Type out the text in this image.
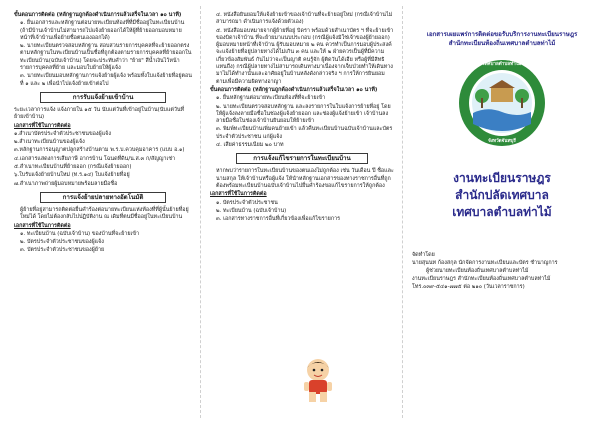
ขั้นตอนการติดต่อ (หลักฐานถูกต้องดำเนินการแล้วเสร็จในเวลา ๑๐ นาที)
๑. ยื่นเอกสารและหลักฐานต่อนายทะเบียนท้องที่ที่มีชื่ออยู่ในทะเบียนบ้าน (ถ้ามีบ้านเจ้าบ้านไม่สามารถไปแจ้งย้ายออกได้ให้ผู้ที่ย้ายออกมอบหมายหน้าที่เจ้าบ้านเพื่อย้ายชื่อตนเองออกได้)
๒. นายทะเบียนตรวจสอบหลักฐาน สอบสวนรายการบุคคลที่จะย้ายออกตรงตามหลักฐานในทะเบียนบ้านเป็นชื่อที่ถูกต้องตามรายการบุคคลที่ย้ายออกในทะเบียนบ้าน(ฉบับเจ้าบ้าน) โดยจะประทับคำว่า "ย้าย" สีน้ำเงินไว้หน้ารายการบุคคลที่ย้าย และมอบใบย้ายให้ผู้แจ้ง
๓. นายทะเบียนมอบหลักฐานการแจ้งย้ายผู้แจ้ง พร้อมทั้งใบแจ้งย้ายที่อยู่ตอนที่ ๑ และ ๒ เพื่อนำไปแจ้งย้ายเข้าต่อไป
การรับแจ้งย้ายเข้าบ้าน
ระยะเวลาการแจ้ง แจ้งภายใน ๑๕ วัน นับแต่วันที่เข้าอยู่ในบ้าน(นับแต่วันที่ย้ายเข้าบ้าน)
เอกสารที่ใช้ในการติดต่อ
๑.สำเนาบัตรประจำตัวประชาชนของผู้แจ้ง
๒.สำเนาทะเบียนบ้านของผู้แจ้ง
๓.หลักฐานการอนุญาตปลูกสร้างบ้านตาม พ.ร.บ.ควบคุมอาคาร (แบบ อ.๑)
๔.เอกสารแสดงการเสียภาษี อากรบ้าน โฉนดที่ดิน/น.ส.๓ ก/สัญญาเช่า
๕.สำเนาทะเบียนบ้านที่ย้ายออก (กรณีแจ้งย้ายออก)
๖.ใบรับแจ้งย้ายบ้านใหม่ (ท.ร.๑๔) ใบแจ้งย้ายที่อยู่
๗.สำเนาภาพถ่ายผู้มอบหมายพร้อมลายมือชื่อ
การแจ้งย้ายปลายทางอัตโนมัติ
ผู้ย้ายที่อยู่สามารถติดต่อยื่นคำร้องต่อนายทะเบียนแห่งท้องที่ที่ผู้นั้นย้ายที่อยู่ใหม่ได้ โดยไม่ต้องกลับไปปฏิบัติงาน ณ เดิมที่ตนมีชื่ออยู่ในทะเบียนบ้าน
เอกสารที่ใช้ในการติดต่อ
๑. ทะเบียนบ้าน (ฉบับเจ้าบ้าน) ของบ้านที่จะย้ายเข้า
๒. บัตรประจำตัวประชาชนของผู้แจ้ง
๓. บัตรประจำตัวประชาชนของผู้ย้าย
๔. หนังสือยินยอมให้แจ้งย้ายเข้าของเจ้าบ้านที่จะย้ายอยู่ใหม่ (กรณีเจ้าบ้านไม่สามารถมา ดำเนินการแจ้งด้วยตัวเอง)
๕. หนังสือมอบหมายจากผู้ย้ายที่อยู่ บิดรา พร้อมด้วยสำเนาบัตร ฯ ที่จะย้ายเข้าของบิดาเจ้าบ้าน ที่จะย้ายมาแนบประกอบ (กรณีผู้แจ้งมิใช่เจ้าของผู้ย้ายออก) ผู้มอบหมายหน้าที่เจ้าบ้าน ผู้รับมอบหมาย ๒ คน ควรทำเป็นการมอบผู้ประสงค์จะแจ้งย้ายที่อยู่ปลายทางได้ไม่เกิน ๓ คน และให้ ๒ ฝ่ายควรเป็นผู้ที่มีความเกี่ยวข้องสัมพันธ์ กันไม่ว่าจะเป็นญาติ คนรู้จัก ผู้ติดวันได้เฮีย หรือผู้ที่มีสิทธิแทนถึง) กรณีผู้ปลายทางไม่สามารถเดินทางมาเนื่องจากเจ็บป่วยทำให้เดินทางมาไม่ได้ทำงานั้นและอาศัยอยู่ในบ้านหลังดังกล่าวจริง ฯ การให้การยินยอมตามเพื่อมีความผิดทางอาญา
ขั้นตอนการติดต่อ (หลักฐานถูกต้องดำเนินการแล้วเสร็จในเวลา ๑๐ นาที)
๑. ยื่นหลักฐานต่อนายทะเบียนท้องที่ที่จะย้ายเข้า
๒. นายทะเบียนตรวจสอบหลักฐาน และลงรายการในใบแจ้งการย้ายที่อยู่ โดยให้ผู้แจ้งลงลายมือชื่อในช่องผู้แจ้งย้ายออก และช่องผู้แจ้งย้ายเข้า เจ้าบ้านลงลายมือชื่อในช่องเจ้าบ้านยินยอมให้ย้ายเข้า
๓. พิมพ์ทะเบียนบ้านเพิ่มคนย้ายเข้า แล้วคืนทะเบียนบ้านฉบับเจ้าบ้านและบัตรประจำตัวประชาชน แก่ผู้แจ้ง
๔. เสียค่าธรรมเนียม ๒๐ บาท
การแจ้งแก้ไขรายการในทะเบียนบ้าน
หากพบว่ารายการในทะเบียนบ้านของตนเองไม่ถูกต้อง เช่น วันเดือน ปี ชื่อและนามสกุล ให้เจ้าบ้านหรือผู้แจ้ง ให้นำหลักฐานเอกสารของทางราชการอื่นที่ถูกต้องพร้อมทะเบียนบ้านฉบับเจ้าบ้านไปยื่นคำร้องขอแก้ไขรายการให้ถูกต้อง
เอกสารที่ใช้ในการติดต่อ
๑. บัตรประจำตัวประชาชน
๒. ทะเบียนบ้าน (ฉบับเจ้าบ้าน)
๓. เอกสารทางราชการอื่นที่เกี่ยวข้องเพื่อแก้ไขรายการ
เอกสารเผยแพร่การติดต่อขอรับบริการงานทะเบียนราษฎร
สำนักทะเบียนท้องถิ่นเทศบาลตำบลท่าไม้
เทศบาลตำบลท่าไม้
จังหวัดจันทบุรี
งานทะเบียนราษฎร
สำนักปลัดเทศบาล
เทศบาลตำบลท่าไม้
จัดทำโดย
นายสุนนท ก้องสกุล นักจัดการงานทะเบียนและบัตร ชำนาญการ
ผู้ช่วยนายทะเบียนท้องถิ่นเทศบาลตำบลท่าไม้
งานทะเบียนราษฎร สำนักทะเบียนท้องถิ่นเทศบาลตำบลท่าไม้
โทร.๐๓๙-๕๔๑-๗๗๕ ต่อ ๒๑๐ (วันเวลาราชการ)
